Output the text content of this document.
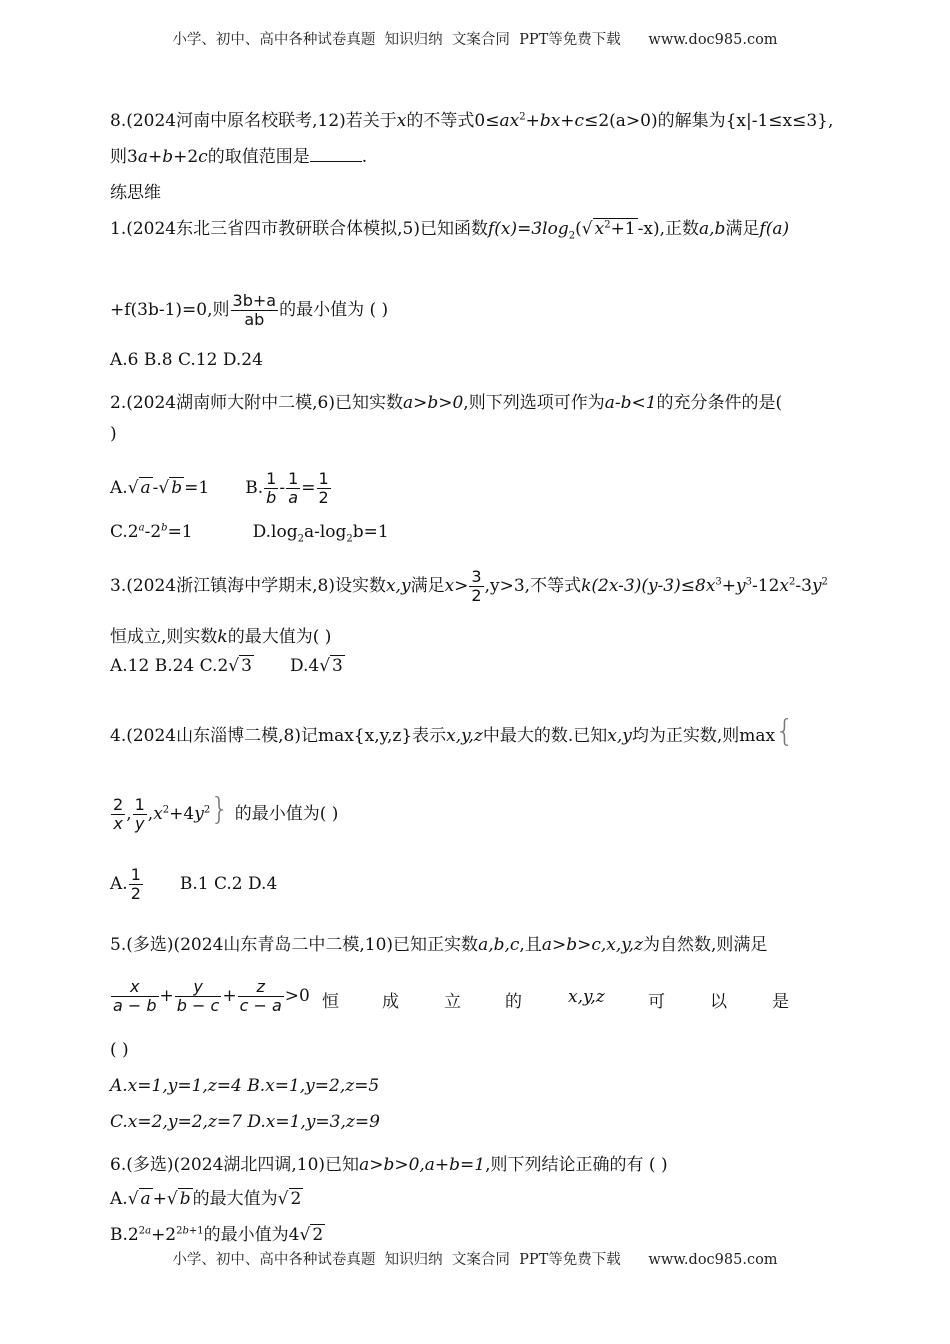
小学、初中、高中各种试卷真题  知识归纳  文案合同  PPT等免费下载      www.doc985.com
8.(2024河南中原名校联考,12)若关于x的不等式$0\le ax^2+bx+c\le 2(a>0)$的解集为{x|-1≤x≤3},
则3a+b+2c的取值范围是	.
练思维
1.(2024东北三省四市教研联合体模拟,5)已知函数$f(x)=3\log_2(√$ $x^2+1$ -x),正数a,b满足f(a)
+f(3b-1)=0,则 $\frac{3b+a}{ab}$ 的最小值为 ( )
A.6 B.8 C.12 D.24
2.(2024湖南师大附中二模,6)已知实数a>b>0,则下列选项可作为a-b<1的充分条件的是(
)
A.√ a -√ b =1 B. $\frac{1}{b} - \frac{1}{a} = \frac{1}{2}$
$C.2^a-2^b=1$	$D.\log_2a-\log_2b=1$
3.(2024浙江镇海中学期末,8)设实数x,y满足$x> \frac{3}{2} ,y>3$,不等式$k(2x-3)(y-3)\le 8x^3+y^3-12x^2-3y^2$
恒成立,则实数k的最大值为( )
A.12 B.24 C.2√ 3 D.4√ 3
4.(2024山东淄博二模,8)记max{x,y,z}表示x,y,z中最大的数.已知x,y均为正实数,则max{
$\frac{2}{x}$ , $\frac{1}{y} ,x^2+4y^2$} 的最小值为( )
A. $\frac{1}{2} B.1$ C.2 D.4
5.(多选)(2024山东青岛二中二模,10)已知正实数a,b,c,且a>b>c,x,y,z为自然数,则满足
$\frac{x}{a - b} + \frac{y}{b - c} + \frac{z}{c - a} >0$ 恒	成	立	的	x,y,z	可	以	是
( )
A.x=1,y=1,z=4 B.x=1,y=2,z=5
C.x=2,y=2,z=7 D.x=1,y=3,z=9
6.(多选)(2024湖北四调,10)已知a>b>0,a+b=1,则下列结论正确的有 ( )
A.√ a +√ b 的最大值为√ 2
$B.2^{2a}+2^{2b+1}$的最小值为4√ 2
小学、初中、高中各种试卷真题  知识归纳  文案合同  PPT等免费下载      www.doc985.com
